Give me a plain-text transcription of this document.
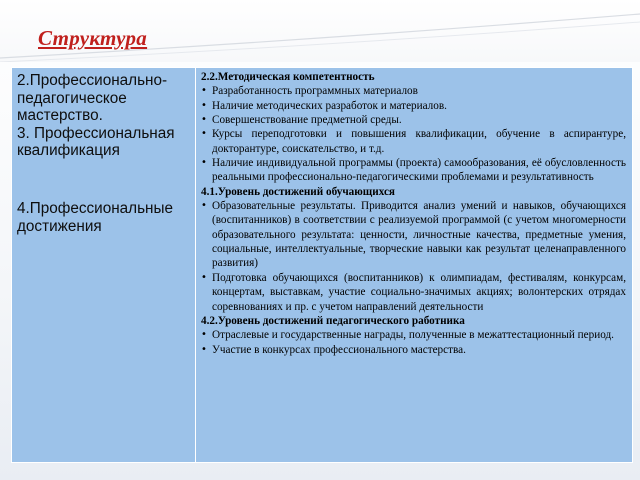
Структура
2.Профессионально-педагогическое мастерство.
3. Профессиональная квалификация
4.Профессиональные достижения
2.2.Методическая компетентность
• Разработанность программных материалов
• Наличие методических разработок и материалов.
• Совершенствование предметной среды.
• Курсы переподготовки и повышения квалификации, обучение в аспирантуре, докторантуре, соискательство, и т.д.
• Наличие индивидуальной программы (проекта) самообразования, её обусловленность реальными профессионально-педагогическими проблемами и результативность
4.1.Уровень достижений обучающихся
• Образовательные результаты. Приводится анализ умений и навыков, обучающихся (воспитанников) в соответствии с реализуемой программой (с учетом многомерности образовательного результата: ценности, личностные качества, предметные умения, социальные, интеллектуальные, творческие навыки как результат целенаправленного развития)
• Подготовка обучающихся (воспитанников) к олимпиадам, фестивалям, конкурсам, концертам, выставкам, участие социально-значимых акциях; волонтерских отрядах соревнованиях и пр. с учетом направлений деятельности
4.2.Уровень достижений педагогического работника
• Отраслевые и государственные награды, полученные в межаттестационный период.
• Участие в конкурсах профессионального мастерства.
